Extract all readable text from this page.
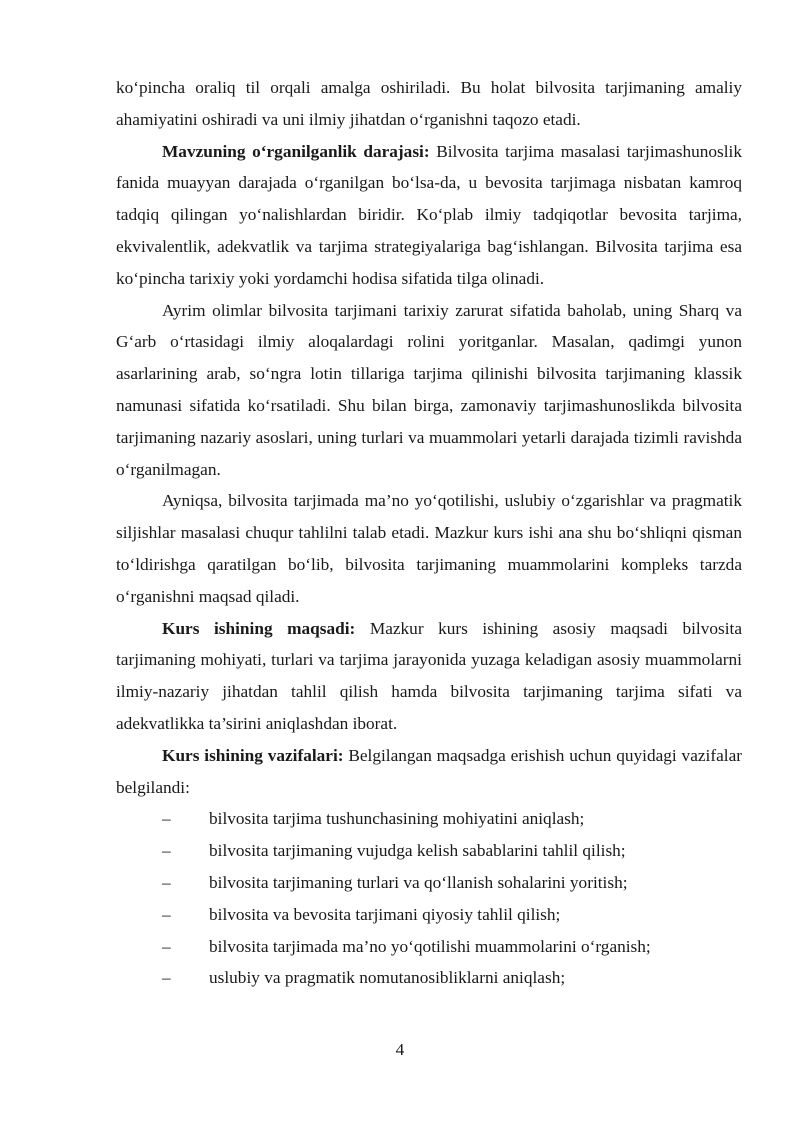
ko‘pincha oraliq til orqali amalga oshiriladi. Bu holat bilvosita tarjimaning amaliy ahamiyatini oshiradi va uni ilmiy jihatdan o‘rganishni taqozo etadi.

Mavzuning o‘rganilganlik darajasi: Bilvosita tarjima masalasi tarjimashunoslik fanida muayyan darajada o‘rganilgan bo‘lsa-da, u bevosita tarjimaga nisbatan kamroq tadqiq qilingan yo‘nalishlardan biridir. Ko‘plab ilmiy tadqiqotlar bevosita tarjima, ekvivalentlik, adekvatlik va tarjima strategiyalariga bag‘ishlangan. Bilvosita tarjima esa ko‘pincha tarixiy yoki yordamchi hodisa sifatida tilga olinadi.

Ayrim olimlar bilvosita tarjimani tarixiy zarurat sifatida baholab, uning Sharq va G‘arb o‘rtasidagi ilmiy aloqalardagi rolini yoritganlar. Masalan, qadimgi yunon asarlarining arab, so‘ngra lotin tillariga tarjima qilinishi bilvosita tarjimaning klassik namunasi sifatida ko‘rsatiladi. Shu bilan birga, zamonaviy tarjimashunoslikda bilvosita tarjimaning nazariy asoslari, uning turlari va muammolari yetarli darajada tizimli ravishda o‘rganilmagan.

Ayniqsa, bilvosita tarjimada ma’no yo‘qotilishi, uslubiy o‘zgarishlar va pragmatik siljishlar masalasi chuqur tahlilni talab etadi. Mazkur kurs ishi ana shu bo‘shliqni qisman to‘ldirishga qaratilgan bo‘lib, bilvosita tarjimaning muammolarini kompleks tarzda o‘rganishni maqsad qiladi.

Kurs ishining maqsadi: Mazkur kurs ishining asosiy maqsadi bilvosita tarjimaning mohiyati, turlari va tarjima jarayonida yuzaga keladigan asosiy muammolarni ilmiy-nazariy jihatdan tahlil qilish hamda bilvosita tarjimaning tarjima sifati va adekvatlikka ta’sirini aniqlashdan iborat.

Kurs ishining vazifalari: Belgilangan maqsadga erishish uchun quyidagi vazifalar belgilandi:

– bilvosita tarjima tushunchasining mohiyatini aniqlash;
– bilvosita tarjimaning vujudga kelish sabablarini tahlil qilish;
– bilvosita tarjimaning turlari va qo‘llanish sohalarini yoritish;
– bilvosita va bevosita tarjimani qiyosiy tahlil qilish;
– bilvosita tarjimada ma’no yo‘qotilishi muammolarini o‘rganish;
– uslubiy va pragmatik nomutanosibliklarni aniqlash;
4
